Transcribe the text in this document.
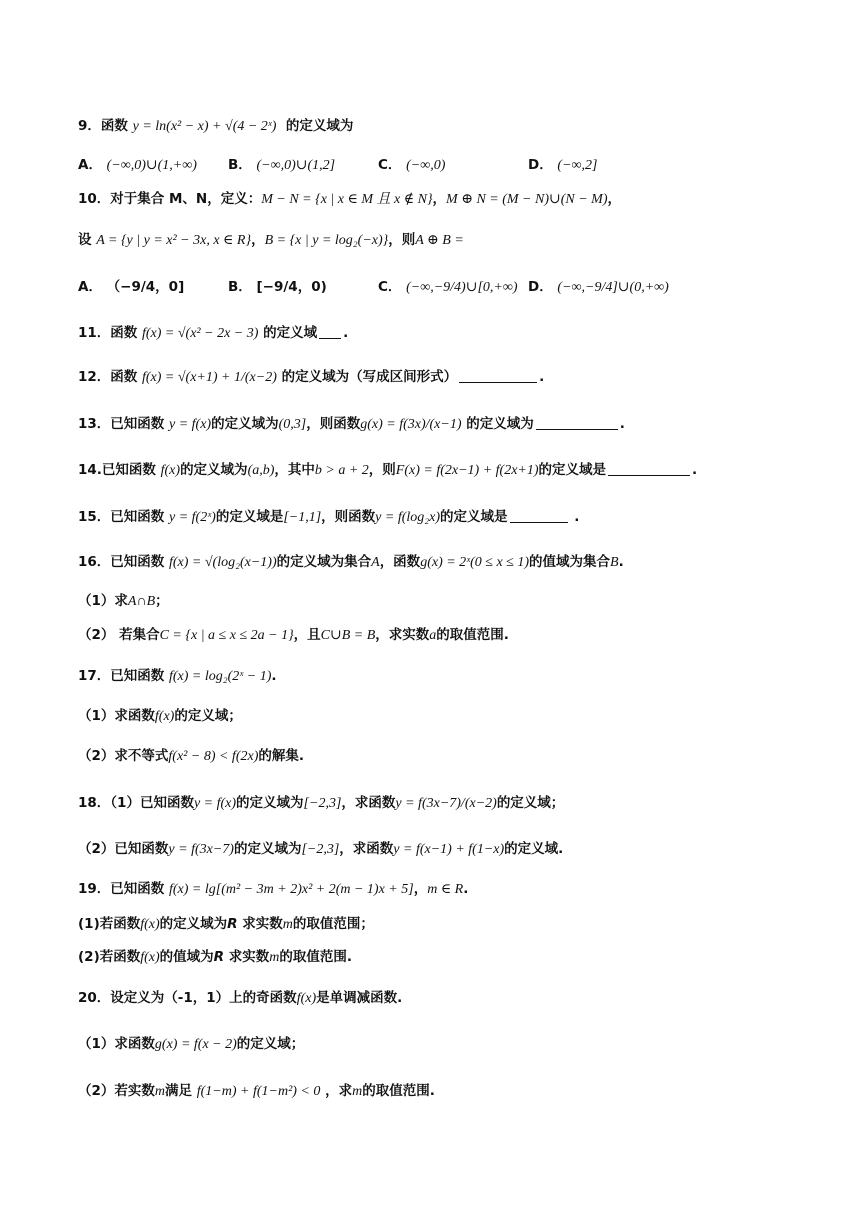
9．函数 y = ln(x² − x) + √(4 − 2ˣ) 的定义域为
A． (−∞,0)∪(1,+∞) B． (−∞,0)∪(1,2]	C． (−∞,0)	D． (−∞,2]
10．对于集合 M、N，定义：M − N = {x | x ∈ M 且 x ∉ N}，M ⊕ N = (M − N)∪(N − M)，
设 A = {y | y = x² − 3x, x ∈ R}，B = {x | y = log₂(−x)}，则A ⊕ B =
A． （−9/4，0]	B． [−9/4，0)	C． (−∞,−9/4)∪[0,+∞) D． (−∞,−9/4]∪(0,+∞)
11．函数 f(x) = √(x² − 2x − 3) 的定义域 .
12．函数 f(x) = √(x+1) + 1/(x−2) 的定义域为（写成区间形式）	.
13．已知函数 y = f(x)的定义域为(0,3]，则函数g(x) = f(3x)/(x−1) 的定义域为	.
14.已知函数 f(x)的定义域为(a,b)，其中b > a + 2，则F(x) = f(2x−1) + f(2x+1)的定义域是	.
15．已知函数 y = f(2ˣ)的定义域是[−1,1]，则函数y = f(log₂x)的定义域是	.
16．已知函数 f(x) = √(log₂(x−1))的定义域为集合A，函数g(x) = 2ˣ(0 ≤ x ≤ 1)的值域为集合B.
（1）求A∩B；
（2） 若集合C = {x | a ≤ x ≤ 2a − 1}，且C∪B = B，求实数a的取值范围.
17．已知函数 f(x) = log₂(2ˣ − 1).
（1）求函数f(x)的定义域；
（2）求不等式f(x² − 8) < f(2x)的解集.
18．（1）已知函数y = f(x)的定义域为[−2,3]，求函数y = f(3x−7)/(x−2)的定义域；
（2）已知函数y = f(3x−7)的定义域为[−2,3]，求函数y = f(x−1) + f(1−x)的定义域.
19．已知函数 f(x) = lg[(m² − 3m + 2)x² + 2(m − 1)x + 5]，m ∈ R.
(1)若函数f(x)的定义域为R 求实数m的取值范围；
(2)若函数f(x)的值域为R 求实数m的取值范围.
20．设定义为（-1，1）上的奇函数f(x)是单调减函数.
（1）求函数g(x) = f(x − 2)的定义域；
（2）若实数m满足 f(1−m) + f(1−m²) < 0 ，求m的取值范围.
